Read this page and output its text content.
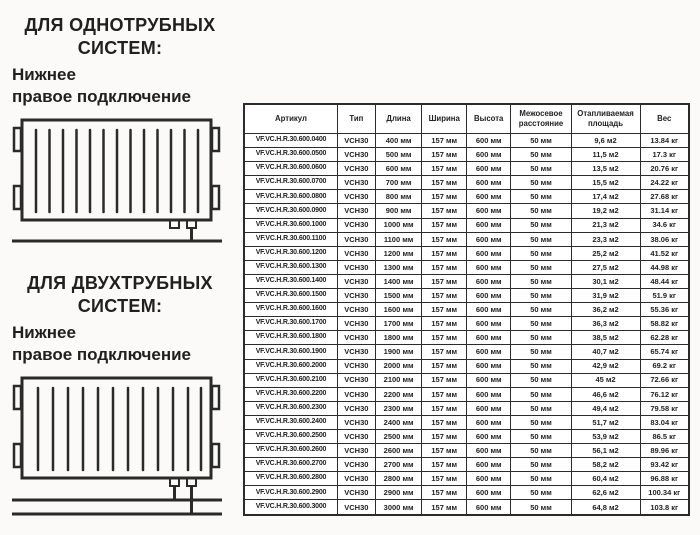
ДЛЯ ОДНОТРУБНЫХ
СИСТЕМ:
Нижнее
правое подключение
ДЛЯ ДВУХТРУБНЫХ
СИСТЕМ:
Нижнее
правое подключение
Артикул	Тип	Длина	Ширина	Высота	Межосевое расстояние	Отапливаемая площадь	Вес
VF.VC.H.R.30.600.0400	VCH30	400 мм	157 мм	600 мм	50 мм	9,6 м2	13.84 кг
VF.VC.H.R.30.600.0500	VCH30	500 мм	157 мм	600 мм	50 мм	11,5 м2	17.3 кг
VF.VC.H.R.30.600.0600	VCH30	600 мм	157 мм	600 мм	50 мм	13,5 м2	20.76 кг
VF.VC.H.R.30.600.0700	VCH30	700 мм	157 мм	600 мм	50 мм	15,5 м2	24.22 кг
VF.VC.H.R.30.600.0800	VCH30	800 мм	157 мм	600 мм	50 мм	17,4 м2	27.68 кг
VF.VC.H.R.30.600.0900	VCH30	900 мм	157 мм	600 мм	50 мм	19,2 м2	31.14 кг
VF.VC.H.R.30.600.1000	VCH30	1000 мм	157 мм	600 мм	50 мм	21,3 м2	34.6 кг
VF.VC.H.R.30.600.1100	VCH30	1100 мм	157 мм	600 мм	50 мм	23,3 м2	38.06 кг
VF.VC.H.R.30.600.1200	VCH30	1200 мм	157 мм	600 мм	50 мм	25,2 м2	41.52 кг
VF.VC.H.R.30.600.1300	VCH30	1300 мм	157 мм	600 мм	50 мм	27,5 м2	44.98 кг
VF.VC.H.R.30.600.1400	VCH30	1400 мм	157 мм	600 мм	50 мм	30,1 м2	48.44 кг
VF.VC.H.R.30.600.1500	VCH30	1500 мм	157 мм	600 мм	50 мм	31,9 м2	51.9 кг
VF.VC.H.R.30.600.1600	VCH30	1600 мм	157 мм	600 мм	50 мм	36,2 м2	55.36 кг
VF.VC.H.R.30.600.1700	VCH30	1700 мм	157 мм	600 мм	50 мм	36,3 м2	58.82 кг
VF.VC.H.R.30.600.1800	VCH30	1800 мм	157 мм	600 мм	50 мм	38,5 м2	62.28 кг
VF.VC.H.R.30.600.1900	VCH30	1900 мм	157 мм	600 мм	50 мм	40,7 м2	65.74 кг
VF.VC.H.R.30.600.2000	VCH30	2000 мм	157 мм	600 мм	50 мм	42,9 м2	69.2 кг
VF.VC.H.R.30.600.2100	VCH30	2100 мм	157 мм	600 мм	50 мм	45 м2	72.66 кг
VF.VC.H.R.30.600.2200	VCH30	2200 мм	157 мм	600 мм	50 мм	46,6 м2	76.12 кг
VF.VC.H.R.30.600.2300	VCH30	2300 мм	157 мм	600 мм	50 мм	49,4 м2	79.58 кг
VF.VC.H.R.30.600.2400	VCH30	2400 мм	157 мм	600 мм	50 мм	51,7 м2	83.04 кг
VF.VC.H.R.30.600.2500	VCH30	2500 мм	157 мм	600 мм	50 мм	53,9 м2	86.5 кг
VF.VC.H.R.30.600.2600	VCH30	2600 мм	157 мм	600 мм	50 мм	56,1 м2	89.96 кг
VF.VC.H.R.30.600.2700	VCH30	2700 мм	157 мм	600 мм	50 мм	58,2 м2	93.42 кг
VF.VC.H.R.30.600.2800	VCH30	2800 мм	157 мм	600 мм	50 мм	60,4 м2	96.88 кг
VF.VC.H.R.30.600.2900	VCH30	2900 мм	157 мм	600 мм	50 мм	62,6 м2	100.34 кг
VF.VC.H.R.30.600.3000	VCH30	3000 мм	157 мм	600 мм	50 мм	64,8 м2	103.8 кг
